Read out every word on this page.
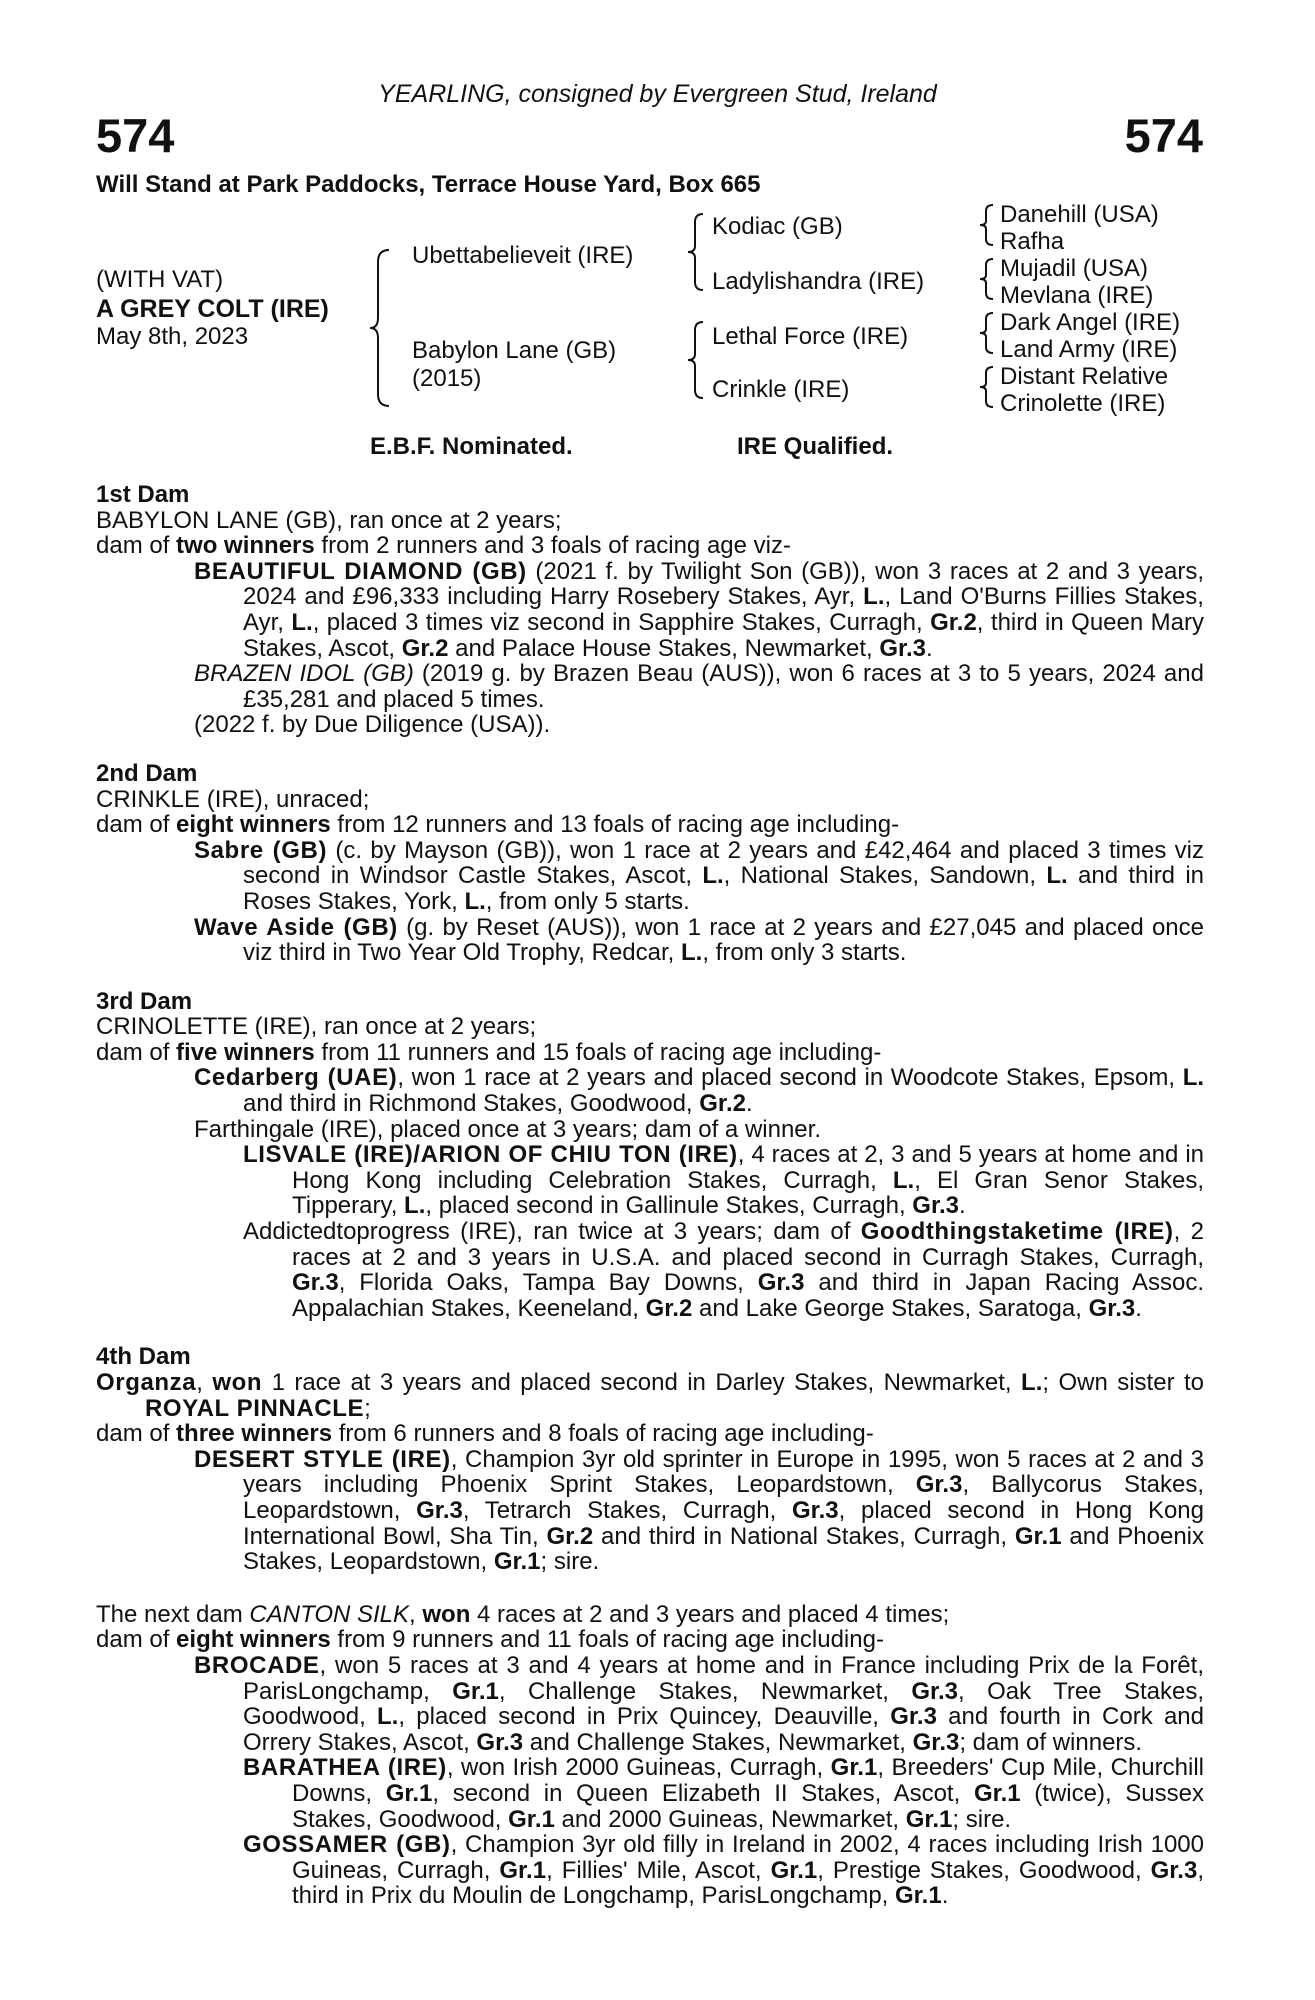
YEARLING, consigned by Evergreen Stud, Ireland
574	574
Will Stand at Park Paddocks, Terrace House Yard, Box 665
(WITH VAT)
A GREY COLT (IRE)
May 8th, 2023
Ubettabelieveit (IRE)
Babylon Lane (GB)
(2015)
Kodiac (GB)
Ladylishandra (IRE)
Lethal Force (IRE)
Crinkle (IRE)
Danehill (USA)
Rafha
Mujadil (USA)
Mevlana (IRE)
Dark Angel (IRE)
Land Army (IRE)
Distant Relative
Crinolette (IRE)
E.B.F. Nominated.	IRE Qualified.

1st Dam

BABYLON LANE (GB), ran once at 2 years;

dam of two winners from 2 runners and 3 foals of racing age viz-

BEAUTIFUL DIAMOND (GB) (2021 f. by Twilight Son (GB)), won 3 races at 2 and 3 years, 2024 and £96,333 including Harry Rosebery Stakes, Ayr, L., Land O'Burns Fillies Stakes, Ayr, L., placed 3 times viz second in Sapphire Stakes, Curragh, Gr.2, third in Queen Mary Stakes, Ascot, Gr.2 and Palace House Stakes, Newmarket, Gr.3.

BRAZEN IDOL (GB) (2019 g. by Brazen Beau (AUS)), won 6 races at 3 to 5 years, 2024 and £35,281 and placed 5 times.

(2022 f. by Due Diligence (USA)).

2nd Dam

CRINKLE (IRE), unraced;

dam of eight winners from 12 runners and 13 foals of racing age including-

Sabre (GB) (c. by Mayson (GB)), won 1 race at 2 years and £42,464 and placed 3 times viz second in Windsor Castle Stakes, Ascot, L., National Stakes, Sandown, L. and third in Roses Stakes, York, L., from only 5 starts.

Wave Aside (GB) (g. by Reset (AUS)), won 1 race at 2 years and £27,045 and placed once viz third in Two Year Old Trophy, Redcar, L., from only 3 starts.

3rd Dam

CRINOLETTE (IRE), ran once at 2 years;

dam of five winners from 11 runners and 15 foals of racing age including-

Cedarberg (UAE), won 1 race at 2 years and placed second in Woodcote Stakes, Epsom, L. and third in Richmond Stakes, Goodwood, Gr.2.

Farthingale (IRE), placed once at 3 years; dam of a winner.

LISVALE (IRE)/ARION OF CHIU TON (IRE), 4 races at 2, 3 and 5 years at home and in Hong Kong including Celebration Stakes, Curragh, L., El Gran Senor Stakes, Tipperary, L., placed second in Gallinule Stakes, Curragh, Gr.3.

Addictedtoprogress (IRE), ran twice at 3 years; dam of Goodthingstaketime (IRE), 2 races at 2 and 3 years in U.S.A. and placed second in Curragh Stakes, Curragh, Gr.3, Florida Oaks, Tampa Bay Downs, Gr.3 and third in Japan Racing Assoc. Appalachian Stakes, Keeneland, Gr.2 and Lake George Stakes, Saratoga, Gr.3.

4th Dam

Organza, won 1 race at 3 years and placed second in Darley Stakes, Newmarket, L.; Own sister to ROYAL PINNACLE;

dam of three winners from 6 runners and 8 foals of racing age including-

DESERT STYLE (IRE), Champion 3yr old sprinter in Europe in 1995, won 5 races at 2 and 3 years including Phoenix Sprint Stakes, Leopardstown, Gr.3, Ballycorus Stakes, Leopardstown, Gr.3, Tetrarch Stakes, Curragh, Gr.3, placed second in Hong Kong International Bowl, Sha Tin, Gr.2 and third in National Stakes, Curragh, Gr.1 and Phoenix Stakes, Leopardstown, Gr.1; sire.

The next dam CANTON SILK, won 4 races at 2 and 3 years and placed 4 times;

dam of eight winners from 9 runners and 11 foals of racing age including-

BROCADE, won 5 races at 3 and 4 years at home and in France including Prix de la Forêt, ParisLongchamp, Gr.1, Challenge Stakes, Newmarket, Gr.3, Oak Tree Stakes, Goodwood, L., placed second in Prix Quincey, Deauville, Gr.3 and fourth in Cork and Orrery Stakes, Ascot, Gr.3 and Challenge Stakes, Newmarket, Gr.3; dam of winners.

BARATHEA (IRE), won Irish 2000 Guineas, Curragh, Gr.1, Breeders' Cup Mile, Churchill Downs, Gr.1, second in Queen Elizabeth II Stakes, Ascot, Gr.1 (twice), Sussex Stakes, Goodwood, Gr.1 and 2000 Guineas, Newmarket, Gr.1; sire.

GOSSAMER (GB), Champion 3yr old filly in Ireland in 2002, 4 races including Irish 1000 Guineas, Curragh, Gr.1, Fillies' Mile, Ascot, Gr.1, Prestige Stakes, Goodwood, Gr.3, third in Prix du Moulin de Longchamp, ParisLongchamp, Gr.1.
